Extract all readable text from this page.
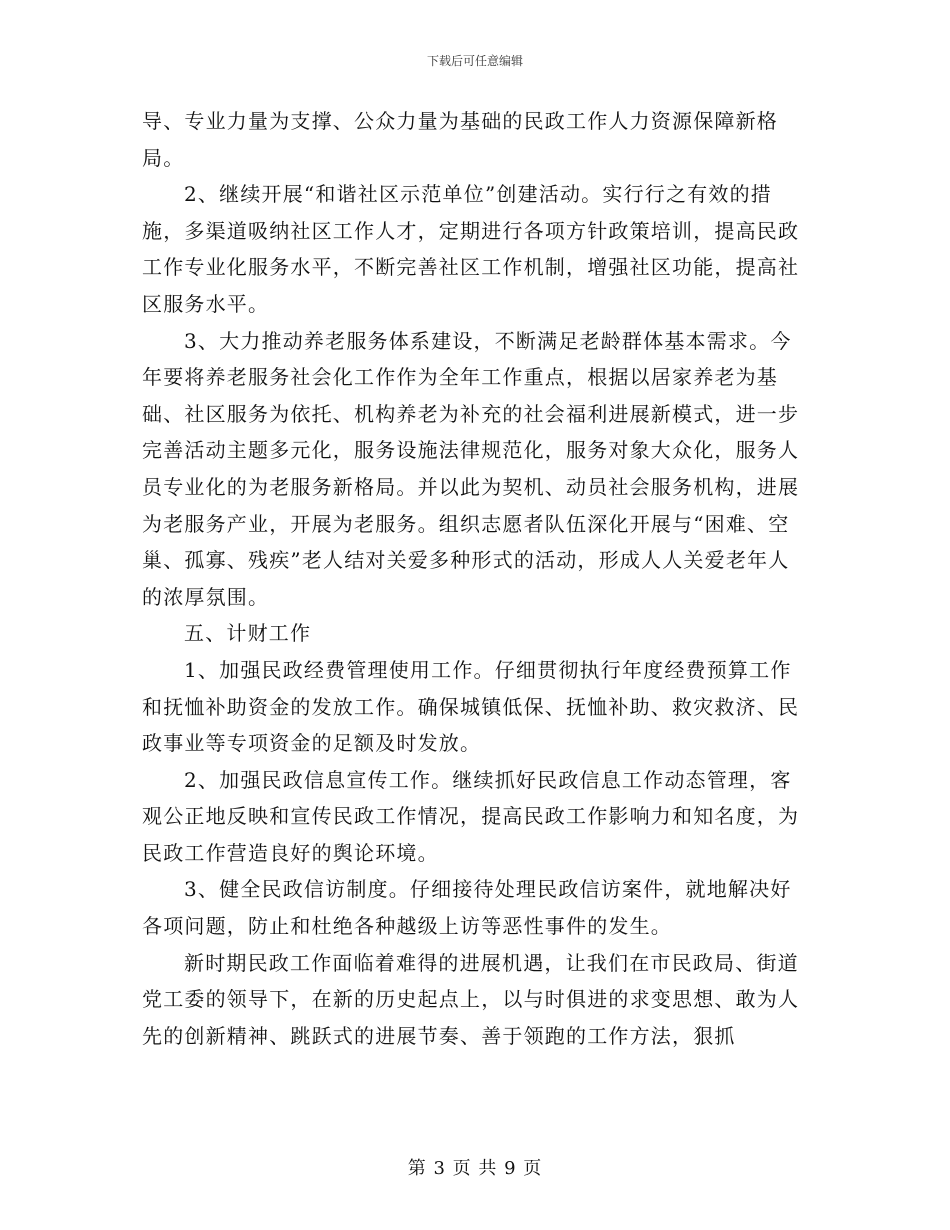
下载后可任意编辑

导、专业力量为支撑、公众力量为基础的民政工作人力资源保障新格局。

2、继续开展“和谐社区示范单位”创建活动。实行行之有效的措施，多渠道吸纳社区工作人才，定期进行各项方针政策培训，提高民政工作专业化服务水平，不断完善社区工作机制，增强社区功能，提高社区服务水平。

3、大力推动养老服务体系建设，不断满足老龄群体基本需求。今年要将养老服务社会化工作作为全年工作重点，根据以居家养老为基础、社区服务为依托、机构养老为补充的社会福利进展新模式，进一步完善活动主题多元化，服务设施法律规范化，服务对象大众化，服务人员专业化的为老服务新格局。并以此为契机、动员社会服务机构，进展为老服务产业，开展为老服务。组织志愿者队伍深化开展与“困难、空巢、孤寡、残疾”老人结对关爱多种形式的活动，形成人人关爱老年人的浓厚氛围。

五、计财工作

1、加强民政经费管理使用工作。仔细贯彻执行年度经费预算工作和抚恤补助资金的发放工作。确保城镇低保、抚恤补助、救灾救济、民政事业等专项资金的足额及时发放。

2、加强民政信息宣传工作。继续抓好民政信息工作动态管理，客观公正地反映和宣传民政工作情况，提高民政工作影响力和知名度，为民政工作营造良好的舆论环境。

3、健全民政信访制度。仔细接待处理民政信访案件，就地解决好各项问题，防止和杜绝各种越级上访等恶性事件的发生。

新时期民政工作面临着难得的进展机遇，让我们在市民政局、街道党工委的领导下，在新的历史起点上，以与时俱进的求变思想、敢为人先的创新精神、跳跃式的进展节奏、善于领跑的工作方法，狠抓

第 3 页 共 9 页
